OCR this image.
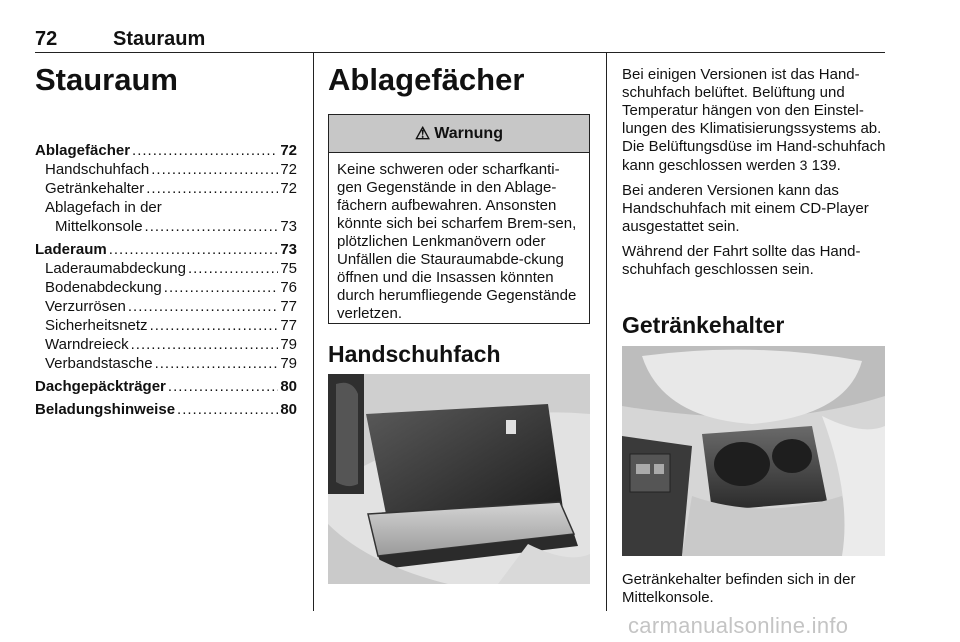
72	Stauraum
Stauraum
Ablagefächer .....	72
Handschuhfach .....	72
Getränkehalter .....	72
Ablagefach in der
Mittelkonsole .....	73
Laderaum .....	73
Laderaumabdeckung .....	75
Bodenabdeckung .....	76
Verzurrösen .....	77
Sicherheitsnetz .....	77
Warndreieck .....	79
Verbandstasche .....	79
Dachgepäckträger .....	80
Beladungshinweise .....	80
Ablagefächer
⚠ Warnung
Keine schweren oder scharfkanti-gen Gegenstände in den Ablage-fächern aufbewahren. Ansonsten könnte sich bei scharfem Brem-sen, plötzlichen Lenkmanövern oder Unfällen die Stauraumabde-ckung öffnen und die Insassen könnten durch herumfliegende Gegenstände verletzen.
Handschuhfach

Bei einigen Versionen ist das Hand-schuhfach belüftet. Belüftung und Temperatur hängen von den Einstel-lungen des Klimatisierungssystems ab. Die Belüftungsdüse im Hand-schuhfach kann geschlossen werden 3 139.

Bei anderen Versionen kann das Handschuhfach mit einem CD-Player ausgestattet sein.

Während der Fahrt sollte das Hand-schuhfach geschlossen sein.

Getränkehalter
Getränkehalter befinden sich in der Mittelkonsole.
carmanualsonline.info
